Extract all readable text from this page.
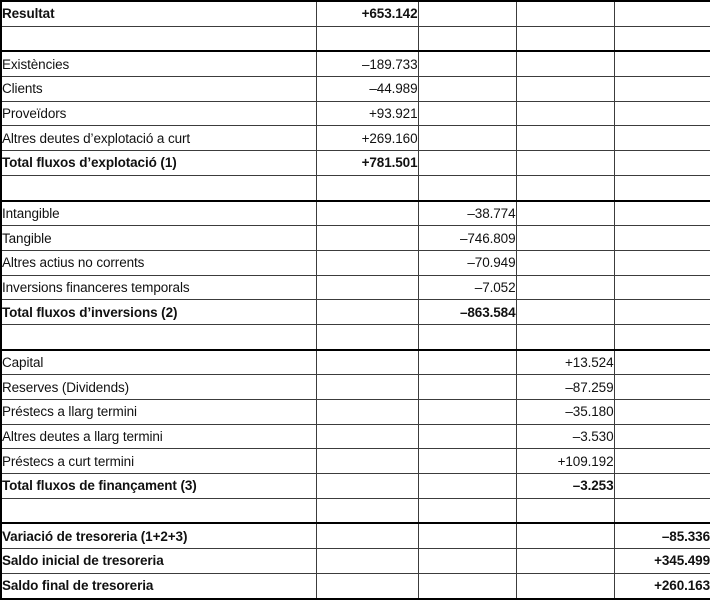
Resultat	+653.142			

Existències	–189.733			
Clients	–44.989			
Proveïdors	+93.921			
Altres deutes d’explotació a curt	+269.160			
Total fluxos d’explotació (1)	+781.501			

Intangible		–38.774		
Tangible		–746.809		
Altres actius no corrents		–70.949		
Inversions financeres temporals		–7.052		
Total fluxos d’inversions (2)		–863.584		

Capital			+13.524	
Reserves (Dividends)			–87.259	
Préstecs a llarg termini			–35.180	
Altres deutes a llarg termini			–3.530	
Préstecs a curt termini			+109.192	
Total fluxos de finançament (3)			–3.253	

Variació de tresoreria (1+2+3)				–85.336
Saldo inicial de tresoreria				+345.499
Saldo final de tresoreria				+260.163
